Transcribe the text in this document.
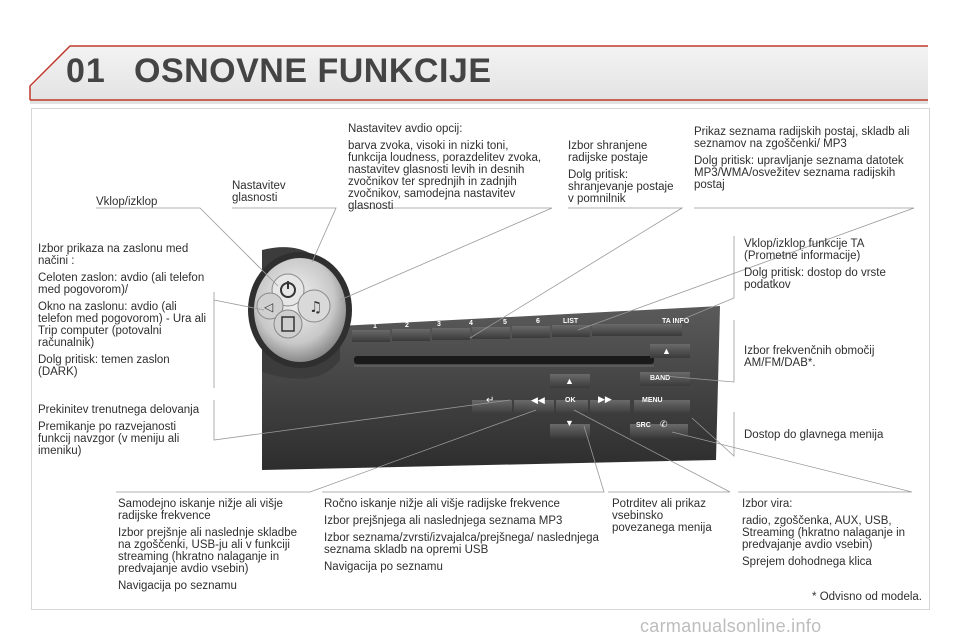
01 OSNOVNE FUNKCIJE
♫
◁
1	2	3	4	5	6	LIST	TA INFO
▲
▲	BAND
↵	◀◀	OK	▶▶	MENU
▼	SRC ✆

Vklop/izklop

Nastavitev

glasnosti

Nastavitev avdio opcij:

barva zvoka, visoki in nizki toni, funkcija loudness, porazdelitev zvoka, nastavitev glasnosti levih in desnih zvočnikov ter sprednjih in zadnjih zvočnikov, samodejna nastavitev glasnosti

Izbor shranjene radijske postaje

Dolg pritisk: shranjevanje postaje v pomnilnik

Prikaz seznama radijskih postaj, skladb ali seznamov na zgoščenki/ MP3

Dolg pritisk: upravljanje seznama datotek MP3/WMA/osvežitev seznama radijskih postaj

Izbor prikaza na zaslonu med načini :

Celoten zaslon: avdio (ali telefon med pogovorom)/

Okno na zaslonu: avdio (ali telefon med pogovorom) - Ura ali Trip computer (potovalni računalnik)

Dolg pritisk: temen zaslon (DARK)

Vklop/izklop funkcije TA (Prometne informacije)

Dolg pritisk: dostop do vrste podatkov

Izbor frekvenčnih območij AM/FM/DAB*.

Prekinitev trenutnega delovanja

Premikanje po razvejanosti funkcij navzgor (v meniju ali imeniku)

Dostop do glavnega menija

Samodejno iskanje nižje ali višje radijske frekvence

Izbor prejšnje ali naslednje skladbe na zgoščenki, USB-ju ali v funkciji streaming (hkratno nalaganje in predvajanje avdio vsebin)

Navigacija po seznamu

Ročno iskanje nižje ali višje radijske frekvence

Izbor prejšnjega ali naslednjega seznama MP3

Izbor seznama/zvrsti/izvajalca/prejšnega/ naslednjega seznama skladb na opremi USB

Navigacija po seznamu

Potrditev ali prikaz vsebinsko povezanega menija

Izbor vira:

radio, zgoščenka, AUX, USB, Streaming (hkratno nalaganje in predvajanje avdio vsebin)

Sprejem dohodnega klica

* Odvisno od modela.
carmanualsonline.info
